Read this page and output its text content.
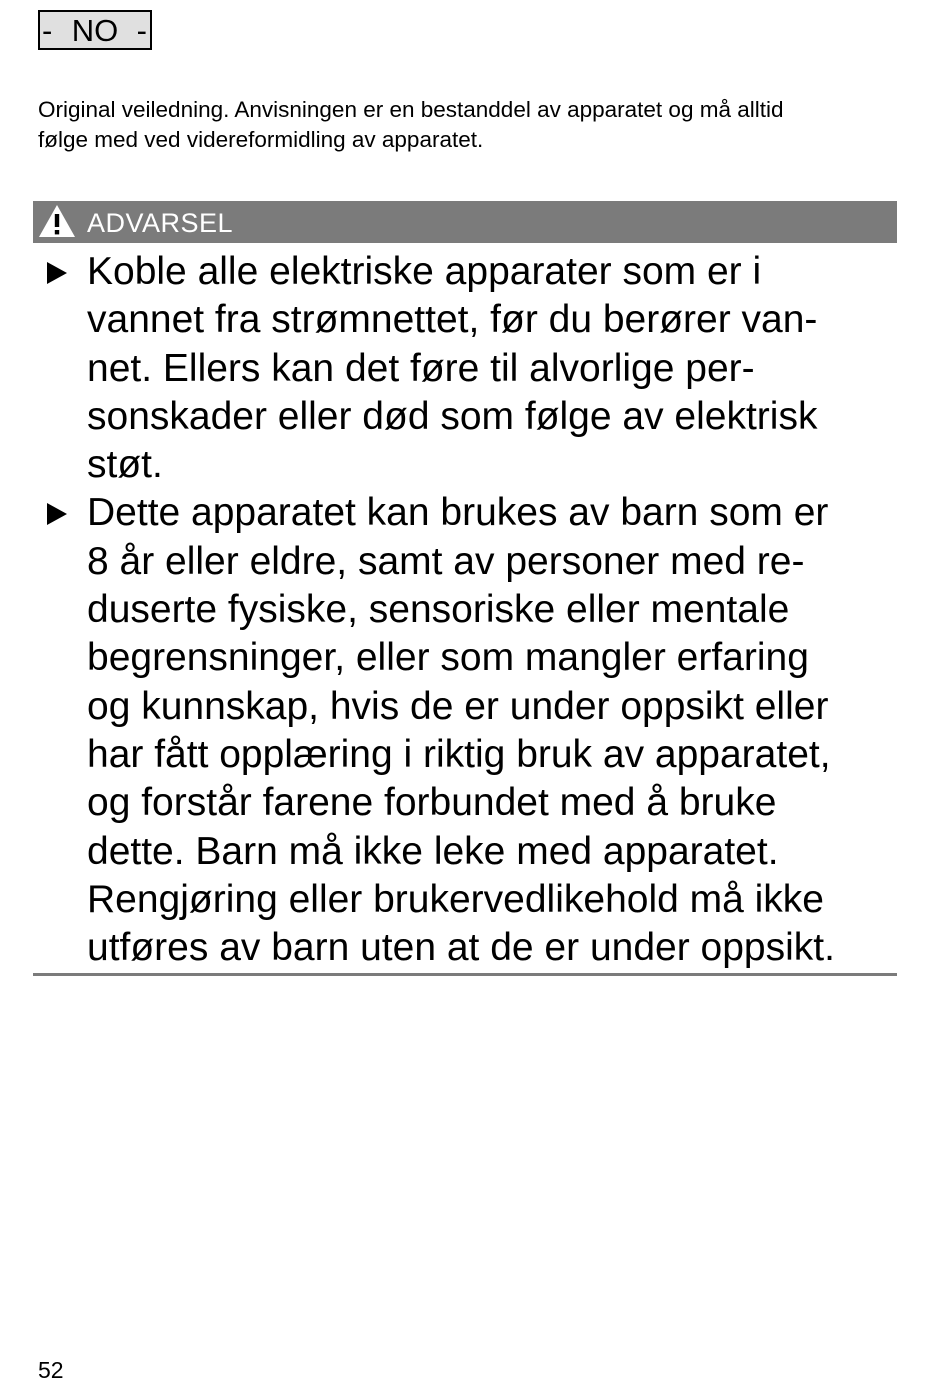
- NO -

Original veiledning. Anvisningen er en bestanddel av apparatet og må alltid

følge med ved videreformidling av apparatet.

ADVARSEL
Koble alle elektriske apparater som er i
vannet fra strømnettet, før du berører van-
net. Ellers kan det føre til alvorlige per-
sonskader eller død som følge av elektrisk
støt.
Dette apparatet kan brukes av barn som er
8 år eller eldre, samt av personer med re-
duserte fysiske, sensoriske eller mentale
begrensninger, eller som mangler erfaring
og kunnskap, hvis de er under oppsikt eller
har fått opplæring i riktig bruk av apparatet,
og forstår farene forbundet med å bruke
dette. Barn må ikke leke med apparatet.
Rengjøring eller brukervedlikehold må ikke
utføres av barn uten at de er under oppsikt.
52
